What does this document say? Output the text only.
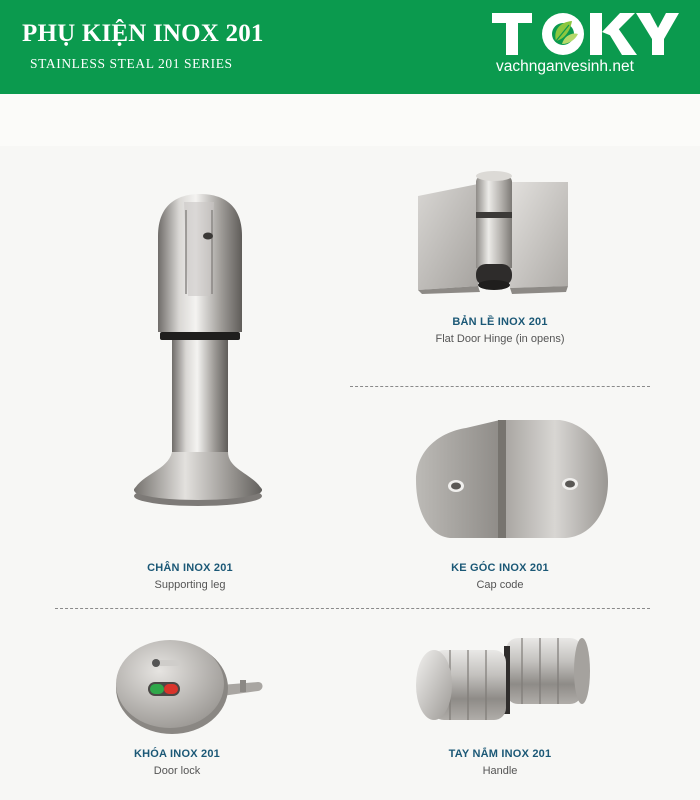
PHỤ KIỆN INOX 201
STAINLESS STEAL 201 SERIES
TOKY
vachnganvesinh.net
BẢN LỀ INOX 201
Flat Door Hinge (in opens)
CHÂN INOX 201
Supporting leg
KE GÓC INOX 201
Cap code
KHÓA INOX 201
Door lock
TAY NẮM INOX 201
Handle
